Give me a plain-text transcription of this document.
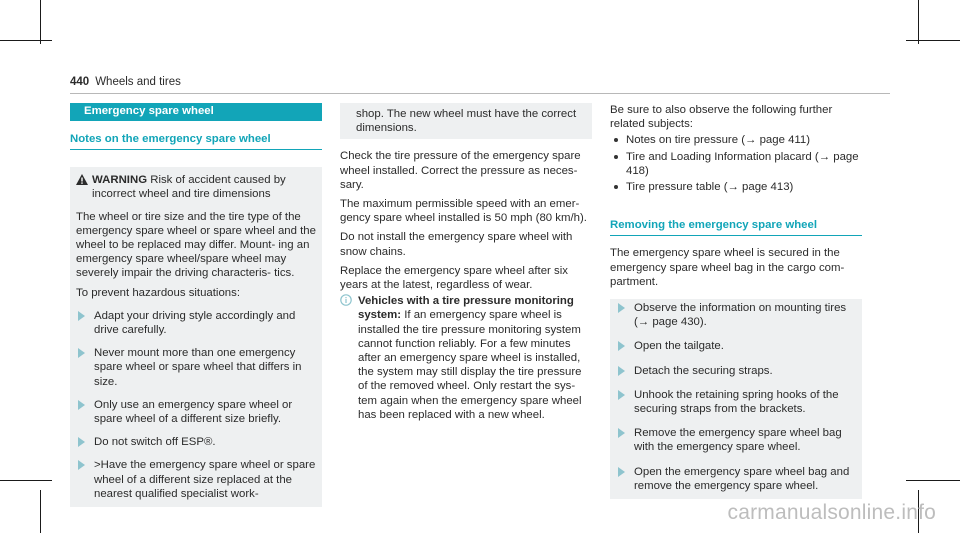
440 Wheels and tires
Emergency spare wheel
Notes on the emergency spare wheel
WARNING Risk of accident caused by incorrect wheel and tire dimensions

The wheel or tire size and the tire type of the emergency spare wheel or spare wheel and the wheel to be replaced may differ. Mount- ing an emergency spare wheel/spare wheel may severely impair the driving characteris- tics.

To prevent hazardous situations:

Adapt your driving style accordingly and drive carefully.
Never mount more than one emergency spare wheel or spare wheel that differs in size.
Only use an emergency spare wheel or spare wheel of a different size briefly.
Do not switch off ESP®.
>Have the emergency spare wheel or spare wheel of a different size replaced at the nearest qualified specialist work-

shop. The new wheel must have the correct dimensions.

Check the tire pressure of the emergency spare wheel installed. Correct the pressure as neces- sary.

The maximum permissible speed with an emer- gency spare wheel installed is 50 mph (80 km/h).

Do not install the emergency spare wheel with snow chains.

Replace the emergency spare wheel after six years at the latest, regardless of wear.

Vehicles with a tire pressure monitoring system: If an emergency spare wheel is installed the tire pressure monitoring system cannot function reliably. For a few minutes after an emergency spare wheel is installed, the system may still display the tire pressure of the removed wheel. Only restart the sys- tem again when the emergency spare wheel has been replaced with a new wheel.

Be sure to also observe the following further related subjects:

Notes on tire pressure (→ page 411)
Tire and Loading Information placard (→ page 418)
Tire pressure table (→ page 413)
Removing the emergency spare wheel

The emergency spare wheel is secured in the emergency spare wheel bag in the cargo com- partment.

Observe the information on mounting tires (→ page 430).
Open the tailgate.
Detach the securing straps.
Unhook the retaining spring hooks of the securing straps from the brackets.
Remove the emergency spare wheel bag with the emergency spare wheel.
Open the emergency spare wheel bag and remove the emergency spare wheel.
carmanualsonline.info
